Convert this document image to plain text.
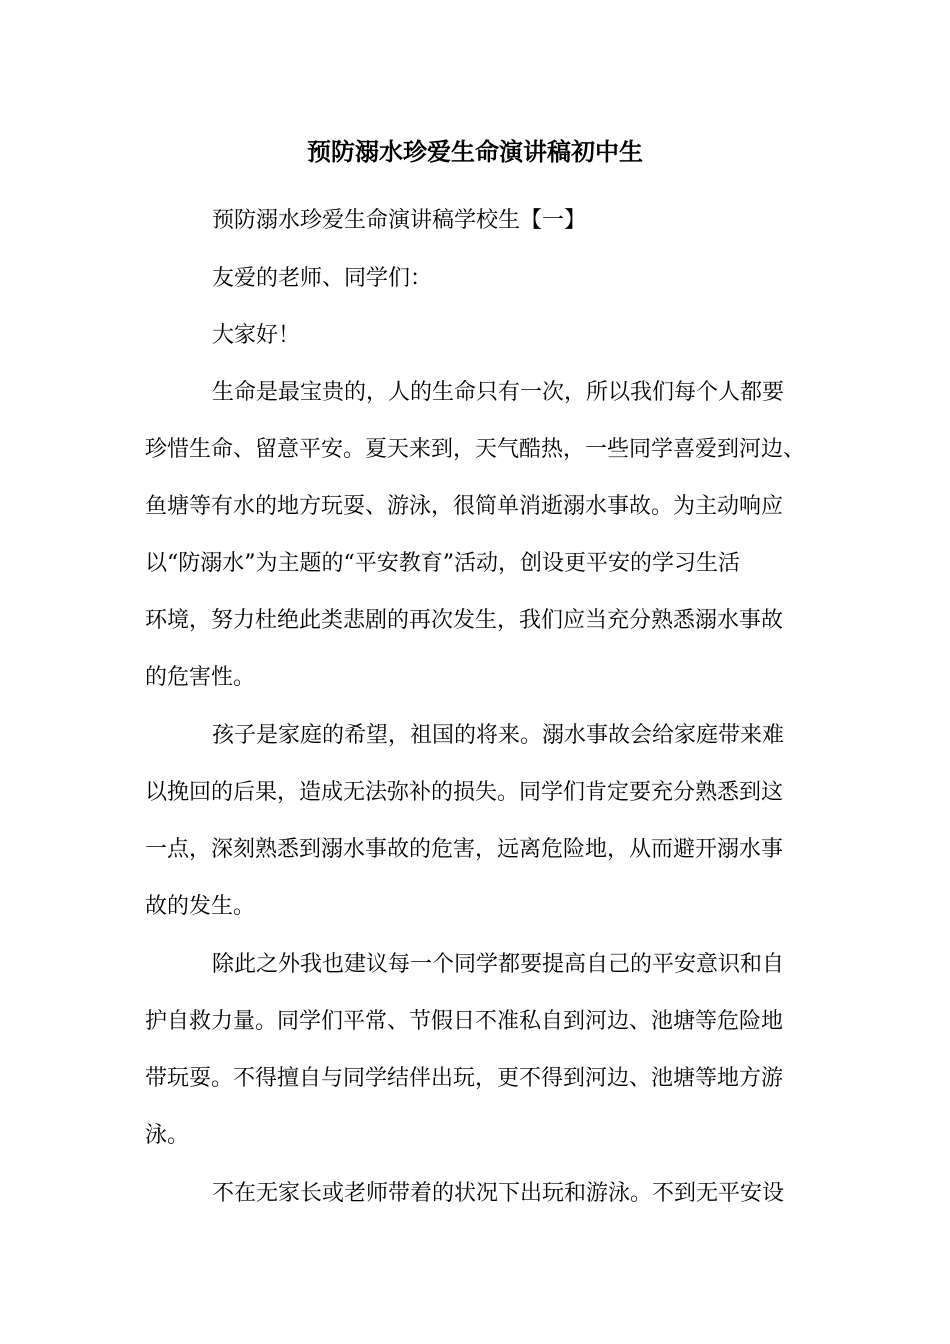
预防溺水珍爱生命演讲稿初中生

预防溺水珍爱生命演讲稿学校生【一】

友爱的老师、同学们：

大家好！

生命是最宝贵的，人的生命只有一次，所以我们每个人都要

珍惜生命、留意平安。夏天来到，天气酷热，一些同学喜爱到河边、

鱼塘等有水的地方玩耍、游泳，很简单消逝溺水事故。为主动响应

以“防溺水”为主题的“平安教育”活动，创设更平安的学习生活

环境，努力杜绝此类悲剧的再次发生，我们应当充分熟悉溺水事故

的危害性。

孩子是家庭的希望，祖国的将来。溺水事故会给家庭带来难

以挽回的后果，造成无法弥补的损失。同学们肯定要充分熟悉到这

一点，深刻熟悉到溺水事故的危害，远离危险地，从而避开溺水事

故的发生。

除此之外我也建议每一个同学都要提高自己的平安意识和自

护自救力量。同学们平常、节假日不准私自到河边、池塘等危险地

带玩耍。不得擅自与同学结伴出玩，更不得到河边、池塘等地方游

泳。

不在无家长或老师带着的状况下出玩和游泳。不到无平安设
